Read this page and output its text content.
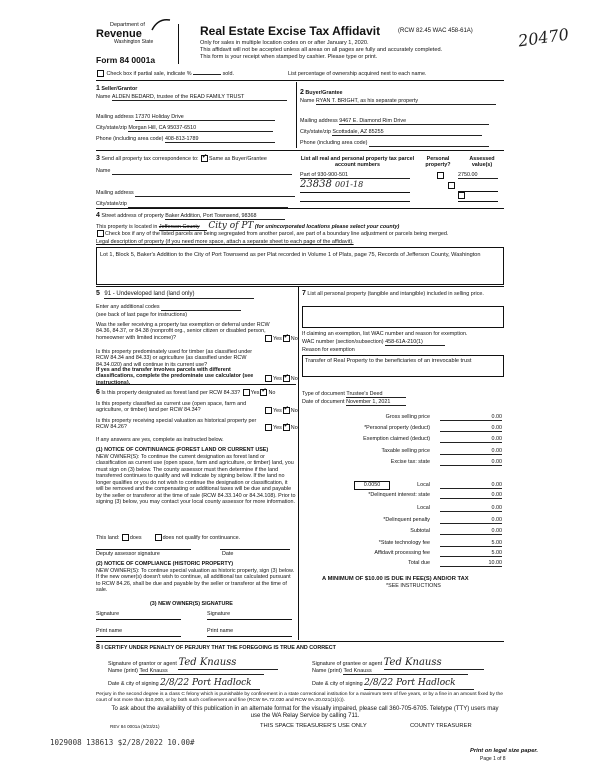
Department of
Revenue
Washington State
Form 84 0001a
Real Estate Excise Tax Affidavit	(RCW 82.45 WAC 458-61A)
Only for sales in multiple location codes on or after January 1, 2020.
This affidavit will not be accepted unless all areas on all pages are fully and accurately completed.
This form is your receipt when stamped by cashier. Please type or print.
20470
Check box if partial sale, indicate %	sold.	List percentage of ownership acquired next to each name.
1 Seller/Grantor
Name ALDEN BEDARD, trustee of the READ FAMILY TRUST
Mailing address 17370 Holiday Drive
City/state/zip Morgan Hill, CA 95037-6510
Phone (including area code) 408-813-1789
2 Buyer/Grantee
Name RYAN T. BRIGHT, as his separate property
Mailing address 9467 E. Diamond Rim Drive
City/state/zip Scottsdale, AZ 85255
Phone (including area code)
3 Send all property tax correspondence to: ✔ Same as Buyer/Grantee
Name
Mailing address
City/state/zip
List all real and personal property tax parcel account numbers
Personal property?
Assessed value(s)
Part of 930-900-501
	2750.00
23838 001-18

4 Street address of property Baker Addition, Port Townsend, 98368
This property is located in Jefferson County City of PT (for unincorporated locations please select your county)
Check box if any of the listed parcels are being segregated from another parcel, are part of a boundary line adjustment or parcels being merged.
Legal description of property (if you need more space, attach a separate sheet to each page of the affidavit).
Lot 1, Block 5, Baker's Addition to the City of Port Townsend as per Plat recorded in Volume 1 of Plats, page 75, Records of Jefferson County, Washington
5 91 - Undeveloped land (land only)
Enter any additional codes
(see back of last page for instructions)
Was the seller receiving a property tax exemption or deferral under RCW 84.36, 84.37, or 84.38 (nonprofit org., senior citizen or disabled person, homeowner with limited income)?	Yes ✔ No
Is this property predominately used for timber (as classified under RCW 84.34 and 84.33) or agriculture (as classified under RCW 84.34.020) and will continue in its current use?
If yes and the transfer involves parcels with different classifications, complete the predominate use calculator (see instructions).
Yes ✔ No
6 Is this property designated as forest land per RCW 84.33? Yes ✔ No
Is this property classified as current use (open space, farm and agriculture, or timber) land per RCW 84.34?	Yes ✔ No
Is this property receiving special valuation as historical property per RCW 84.26?	Yes ✔ No
If any answers are yes, complete as instructed below.
(1) NOTICE OF CONTINUANCE (FOREST LAND OR CURRENT USE)
NEW OWNER(S): To continue the current designation as forest land or classification as current use (open space, farm and agriculture, or timber) land, you must sign on (3) below. The county assessor must then determine if the land transferred continues to qualify and will indicate by signing below. If the land no longer qualifies or you do not wish to continue the designation or classification, it will be removed and the compensating or additional taxes will be due and payable by the seller or transferor at the time of sale (RCW 84.33.140 or 84.34.108). Prior to signing (3) below, you may contact your local county assessor for more information.
This land: does	does not qualify for continuance.
Deputy assessor signature	Date
(2) NOTICE OF COMPLIANCE (HISTORIC PROPERTY)
NEW OWNER(S): To continue special valuation as historic property, sign (3) below. If the new owner(s) doesn't wish to continue, all additional tax calculated pursuant to RCW 84.26, shall be due and payable by the seller or transferor at the time of sale.
(3) NEW OWNER(S) SIGNATURE
Signature	Signature
Print name	Print name
7 List all personal property (tangible and intangible) included in selling price.
If claiming an exemption, list WAC number and reason for exemption.
WAC number (section/subsection) 458-61A-210(1)
Reason for exemption
Transfer of Real Property to the beneficiaries of an irrevocable trust
Type of document Trustee's Deed
Date of document November 1, 2021
Gross selling price	0.00
*Personal property (deduct)	0.00
Exemption claimed (deduct)	0.00
Taxable selling price	0.00
Excise tax: state	0.00
0.0050	Local	0.00
*Delinquent interest: state	0.00
Local	0.00
*Delinquent penalty	0.00
Subtotal	0.00
*State technology fee	5.00
Affidavit processing fee	5.00
Total due	10.00
A MINIMUM OF $10.00 IS DUE IN FEE(S) AND/OR TAX
*SEE INSTRUCTIONS
8 I CERTIFY UNDER PENALTY OF PERJURY THAT THE FOREGOING IS TRUE AND CORRECT
Signature of grantor or agent Ted Knauss	Signature of grantee or agent Ted Knauss
Name (print) Ted Knauss	Name (print) Ted Knauss
Date & city of signing 2/8/22 Port Hadlock	Date & city of signing 2/8/22 Port Hadlock
Perjury in the second degree is a class C felony which is punishable by confinement in a state correctional institution for a maximum term of five years, or by a fine in an amount fixed by the court of not more than $10,000, or by both such confinement and fine (RCW 9A.72.030 and RCW 9A.20.021(1)(c)).
To ask about the availability of this publication in an alternate format for the visually impaired, please call 360-705-6705. Teletype (TTY) users may use the WA Relay Service by calling 711.
REV 84 0001a (9/23/21)	THIS SPACE TREASURER'S USE ONLY	COUNTY TREASURER
1029008 138613 $2/28/2022 10.00#
Print on legal size paper.
Page 1 of 8
